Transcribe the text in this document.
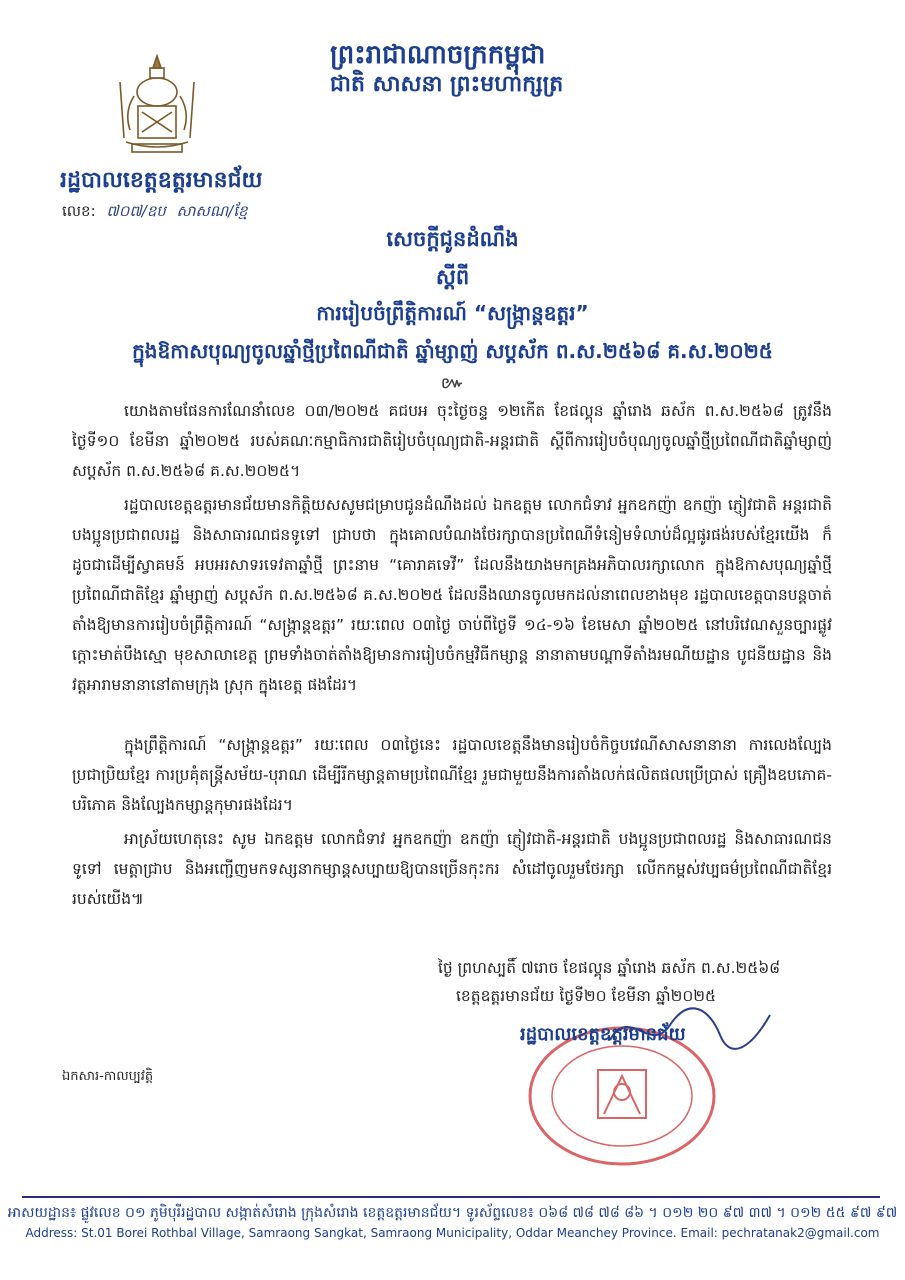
ព្រះរាជាណាចក្រកម្ពុជា
ជាតិ សាសនា ព្រះមហាក្សត្រ
រដ្ឋបាលខេត្តឧត្តរមានជ័យ
លេខ: ៧០៧/ឧប សាសណ/ខ្មែ
សេចក្តីជូនដំណឹង
ស្តីពី
ការរៀបចំព្រឹត្តិការណ៍ “សង្ក្រាន្តឧត្តរ”
ក្នុងឱកាសបុណ្យចូលឆ្នាំថ្មីប្រពៃណីជាតិ ឆ្នាំម្សាញ់ សប្តស័ក ព.ស.២៥៦៨ គ.ស.២០២៥
៚
យោងតាមផែនការណែនាំលេខ ០៣/២០២៥ គជបអ ចុះថ្ងៃចន្ទ ១២កើត ខែផល្គុន ឆ្នាំរោង ឆស័ក ព.ស.២៥៦៨ ត្រូវនឹងថ្ងៃទី១០ ខែមីនា ឆ្នាំ២០២៥ របស់គណៈកម្មាធិការជាតិរៀបចំបុណ្យជាតិ-អន្តរជាតិ ស្តីពីការរៀបចំបុណ្យចូលឆ្នាំថ្មីប្រពៃណីជាតិឆ្នាំម្សាញ់ សប្តស័ក ព.ស.២៥៦៨ គ.ស.២០២៥។
រដ្ឋបាលខេត្តឧត្តរមានជ័យមានកិត្តិយសសូមជម្រាបជូនដំណឹងដល់ ឯកឧត្តម លោកជំទាវ អ្នកឧកញ៉ា ឧកញ៉ា ភ្ញៀវជាតិ អន្តរជាតិ បងប្អូនប្រជាពលរដ្ឋ និងសាធារណជនទូទៅ ជ្រាបថា ក្នុងគោលបំណងថែរក្សាបានប្រពៃណីទំនៀមទំលាប់ដ៏ល្អផូរផង់របស់ខ្មែរយើង ក៏ដូចជាដើម្បីស្វាគមន៍ អបអរសាទរទេវតាឆ្នាំថ្មី ព្រះនាម “គោរាគទេវី” ដែលនឹងយាងមកគ្រងអភិបាលរក្សាលោក ក្នុងឱកាសបុណ្យឆ្នាំថ្មីប្រពៃណីជាតិខ្មែរ ឆ្នាំម្សាញ់ សប្តស័ក ព.ស.២៥៦៨ គ.ស.២០២៥ ដែលនឹងឈានចូលមកដល់នាពេលខាងមុខ រដ្ឋបាលខេត្តបានបន្តចាត់តាំងឱ្យមានការរៀបចំព្រឹត្តិការណ៍ “សង្ក្រាន្តឧត្តរ” រយៈពេល ០៣ថ្ងៃ ចាប់ពីថ្ងៃទី ១៤-១៦ ខែមេសា ឆ្នាំ២០២៥ នៅបរិវេណសួនច្បារផ្លូវក្តោះមាត់បឹងស្មោ មុខសាលាខេត្ត ព្រមទាំងចាត់តាំងឱ្យមានការរៀបចំកម្មវិធីកម្សាន្ត នានាតាមបណ្តាទីតាំងរមណីយដ្ឋាន បូជនីយដ្ឋាន និងវត្តអារាមនានានៅតាមក្រុង ស្រុក ក្នុងខេត្ត ផងដែរ។
ក្នុងព្រឹត្តិការណ៍ “សង្ក្រាន្តឧត្តរ” រយៈពេល ០៣ថ្ងៃនេះ រដ្ឋបាលខេត្តនឹងមានរៀបចំកិច្ចបវេណីសាសនានានា ការលេងល្បែងប្រជាប្រិយខ្មែរ ការប្រគុំតន្ត្រីសម័យ-បុរាណ ដើម្បីរីកម្សាន្តតាមប្រពៃណីខ្មែរ រួមជាមួយនឹងការតាំងលក់ផលិតផលប្រើប្រាស់ គ្រឿងឧបភោគ-បរិភោគ និងល្បែងកម្សាន្តកុមារផងដែរ។
អាស្រ័យហេតុនេះ សូម ឯកឧត្តម លោកជំទាវ អ្នកឧកញ៉ា ឧកញ៉ា ភ្ញៀវជាតិ-អន្តរជាតិ បងប្អូនប្រជាពលរដ្ឋ និងសាធារណជនទូទៅ មេត្តាជ្រាប និងអញ្ជើញមកទស្សនាកម្សាន្តសប្បាយឱ្យបានច្រើនកុះករ សំដៅចូលរួមថែរក្សា លើកកម្ពស់វប្បធម៌ប្រពៃណីជាតិខ្មែររបស់យើង៕
ថ្ងៃ ព្រហស្បតិ៍ ៧រោច ខែផល្គុន ឆ្នាំរោង ឆស័ក ព.ស.២៥៦៨
ខេត្តឧត្តរមានជ័យ ថ្ងៃទី២០ ខែមីនា ឆ្នាំ២០២៥
រដ្ឋបាលខេត្តឧត្តរមានជ័យ
ឯកសារ-កាលប្បវត្តិ
អាសយដ្ឋាន៖ ផ្លូវលេខ ០១ ភូមិបុរីរដ្ឋបាល សង្កាត់សំរោង ក្រុងសំរោង ខេត្តឧត្តរមានជ័យ។ ទូរស័ព្ទលេខ៖ ០៦៨ ៧៨ ៧៨ ៨៦ ។ ០១២ ២០ ៩៧ ៣៧ ។ ០១២ ៥៥ ៩៧ ៩៧
Address: St.01 Borei Rothbal Village, Samraong Sangkat, Samraong Municipality, Oddar Meanchey Province. Email: pechratanak2@gmail.com
